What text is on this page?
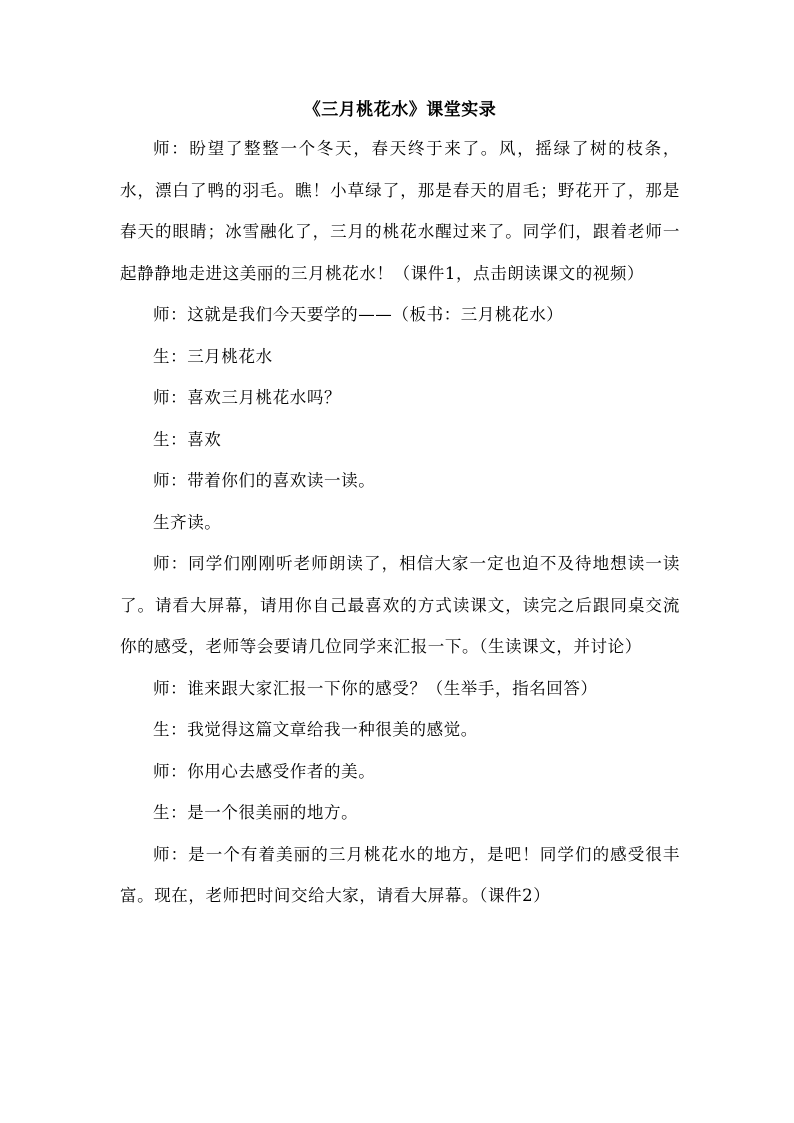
《三月桃花水》课堂实录

师：盼望了整整一个冬天，春天终于来了。风，摇绿了树的枝条，水，漂白了鸭的羽毛。瞧！小草绿了，那是春天的眉毛；野花开了，那是春天的眼睛；冰雪融化了，三月的桃花水醒过来了。同学们，跟着老师一起静静地走进这美丽的三月桃花水！（课件1，点击朗读课文的视频）

师：这就是我们今天要学的——（板书：三月桃花水）

生：三月桃花水

师：喜欢三月桃花水吗？

生：喜欢

师：带着你们的喜欢读一读。

生齐读。

师：同学们刚刚听老师朗读了，相信大家一定也迫不及待地想读一读了。请看大屏幕，请用你自己最喜欢的方式读课文，读完之后跟同桌交流你的感受，老师等会要请几位同学来汇报一下。（生读课文，并讨论）

师：谁来跟大家汇报一下你的感受？（生举手，指名回答）

生：我觉得这篇文章给我一种很美的感觉。

师：你用心去感受作者的美。

生：是一个很美丽的地方。

师：是一个有着美丽的三月桃花水的地方，是吧！同学们的感受很丰富。现在，老师把时间交给大家，请看大屏幕。（课件2）
